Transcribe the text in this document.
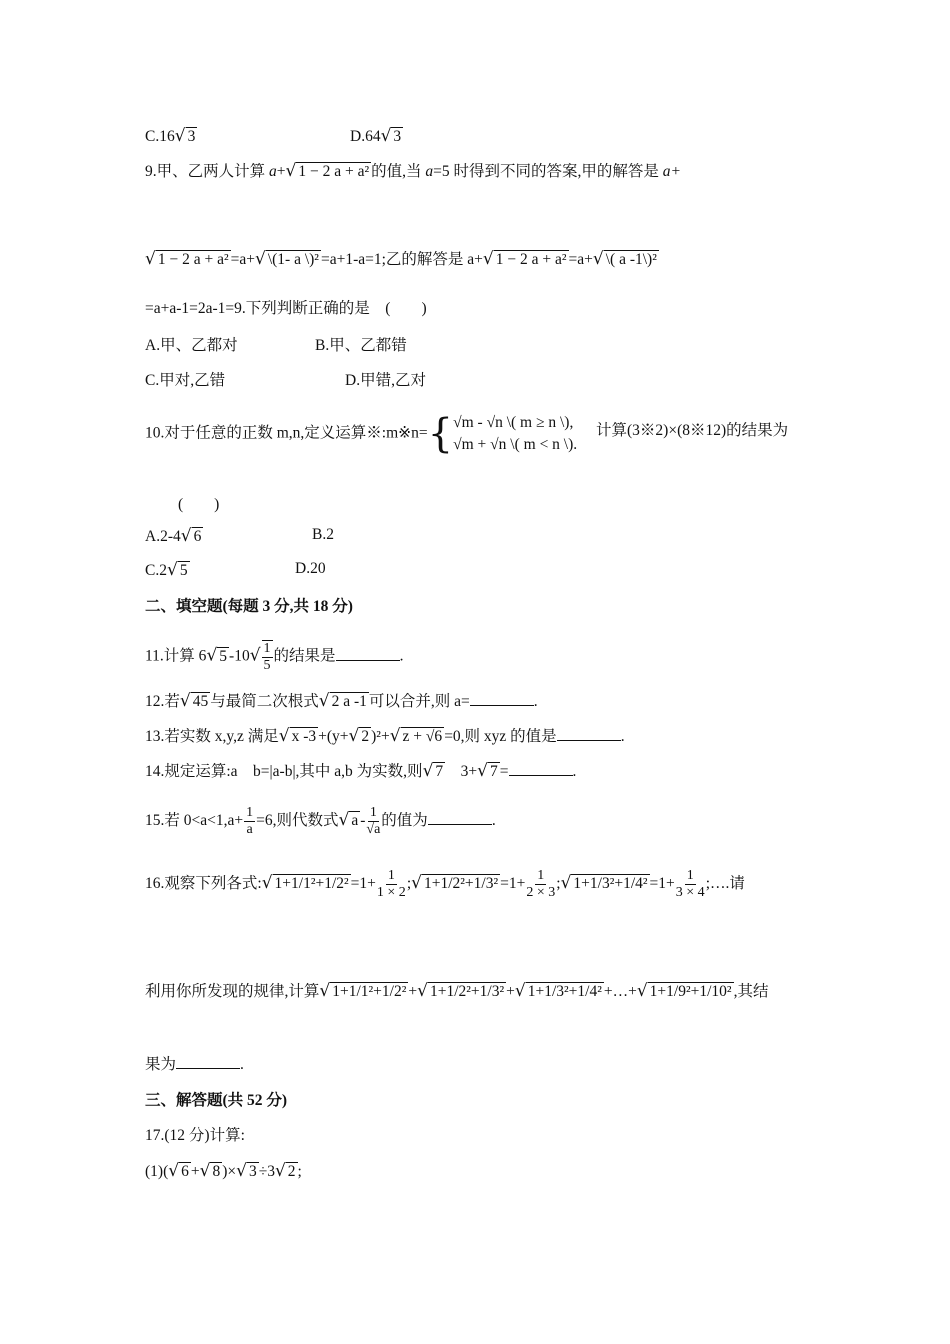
C.16√ 3	D.64√ 3
9.甲、乙两人计算 a+√ 1 − 2 a + a² 的值,当 a=5 时得到不同的答案,甲的解答是 a+
√ 1 − 2 a + a² =a+√ \(1- a \)² =a+1-a=1;乙的解答是 a+√ 1 − 2 a + a² =a+√ \( a -1\)²
=a+a-1=2a-1=9.下列判断正确的是　(　　)
A.甲、乙都对	B.甲、乙都错
C.甲对,乙错	D.甲错,乙对
10.对于任意的正数 m,n,定义运算※:m※n={ √m - √n \( m ≥ n \),
√m + √n \( m < n \).
计算(3※2)×(8※12)的结果为
(　　)
A.2-4√ 6	B.2
C.2√ 5	D.20
二、填空题(每题 3 分,共 18 分)
11.计算 6√ 5 $-10√ \frac{1}{5}$ 的结果是	.
12.若√ 45 与最简二次根式√ 2 a -1 可以合并,则 a=	.
13.若实数 x,y,z 满足√ x -3 +(y+√ 2 )²+√ z + √6 =0,则 xyz 的值是	.
14.规定运算:a　b=|a-b|,其中 a,b 为实数,则√ 7　3+√ 7 =	.
15.若 $0<a<1,a+ \frac{1}{a} =6$,则代数式√ a - $\frac{1}{√a}$ 的值为	.
16.观察下列各式:√ $1+1/1^2+1/2^2 =1+ \frac{1}{1 \times 2}$ ;√ $1+1/2^2+1/3^2 =1+ \frac{1}{2 \times 3}$ ;√ $1+1/3^2+1/4^2 =1+ \frac{1}{3 \times 4}$ ;….请
利用你所发现的规律,计算√ 1+1/1²+1/2² +√ 1+1/2²+1/3² +√ 1+1/3²+1/4² +…+√ 1+1/9²+1/10² ,其结
果为	.
三、解答题(共 52 分)
17.(12 分)计算:
(1)(√ 6 +√ 8 )×√ 3 ÷3√ 2 ;
